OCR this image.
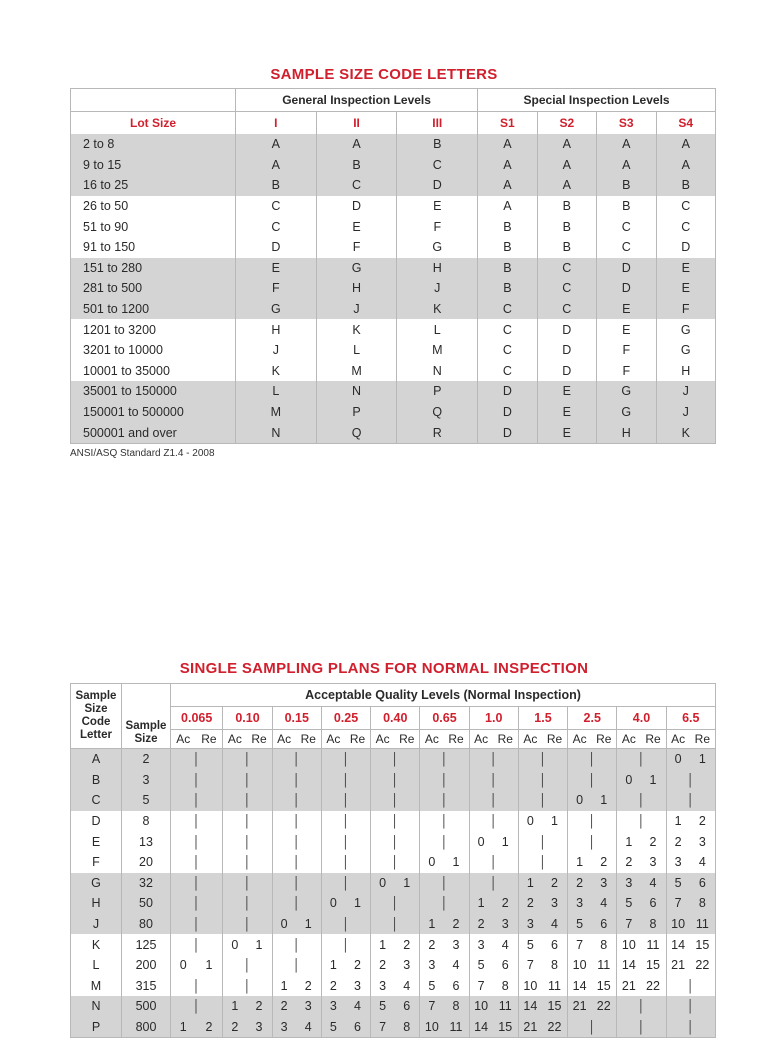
SAMPLE SIZE CODE LETTERS
	General Inspection Levels			Special Inspection Levels			
Lot Size	I	II	III	S1	S2	S3	S4
2 to 8	A	A	B	A	A	A	A
9 to 15	A	B	C	A	A	A	A
16 to 25	B	C	D	A	A	B	B
26 to 50	C	D	E	A	B	B	C
51 to 90	C	E	F	B	B	C	C
91 to 150	D	F	G	B	B	C	D
151 to 280	E	G	H	B	C	D	E
281 to 500	F	H	J	B	C	D	E
501 to 1200	G	J	K	C	C	E	F
1201 to 3200	H	K	L	C	D	E	G
3201 to 10000	J	L	M	C	D	F	G
10001 to 35000	K	M	N	C	D	F	H
35001 to 150000	L	N	P	D	E	G	J
150001 to 500000	M	P	Q	D	E	G	J
500001 and over	N	Q	R	D	E	H	K
ANSI/ASQ Standard Z1.4 - 2008
SINGLE SAMPLING PLANS FOR NORMAL INSPECTION
Sample Size Code Letter	Sample Size	Acceptable Quality Levels (Normal Inspection)																					
		0.065		0.10		0.15		0.25		0.40		0.65		1.0		1.5		2.5		4.0		6.5	
		Ac	Re	Ac	Re	Ac	Re	Ac	Re	Ac	Re	Ac	Re	Ac	Re	Ac	Re	Ac	Re	Ac	Re	Ac	Re
A	2	│		│		│		│		│		│		│		│		│		│		0	1
B	3	│		│		│		│		│		│		│		│		│		0	1	│	
C	5	│		│		│		│		│		│		│		│		0	1	│		│	
D	8	│		│		│		│		│		│		│		0	1	│		│		1	2
E	13	│		│		│		│		│		│		0	1	│		│		1	2	2	3
F	20	│		│		│		│		│		0	1	│		│		1	2	2	3	3	4
G	32	│		│		│		│		0	1	│		│		1	2	2	3	3	4	5	6
H	50	│		│		│		0	1	│		│		1	2	2	3	3	4	5	6	7	8
J	80	│		│		0	1	│		│		1	2	2	3	3	4	5	6	7	8	10	11
K	125	│		0	1	│		│		1	2	2	3	3	4	5	6	7	8	10	11	14	15
L	200	0	1	│		│		1	2	2	3	3	4	5	6	7	8	10	11	14	15	21	22
M	315	│		│		1	2	2	3	3	4	5	6	7	8	10	11	14	15	21	22	│	
N	500	│		1	2	2	3	3	4	5	6	7	8	10	11	14	15	21	22	│		│	
P	800	1	2	2	3	3	4	5	6	7	8	10	11	14	15	21	22	│		│		│	
